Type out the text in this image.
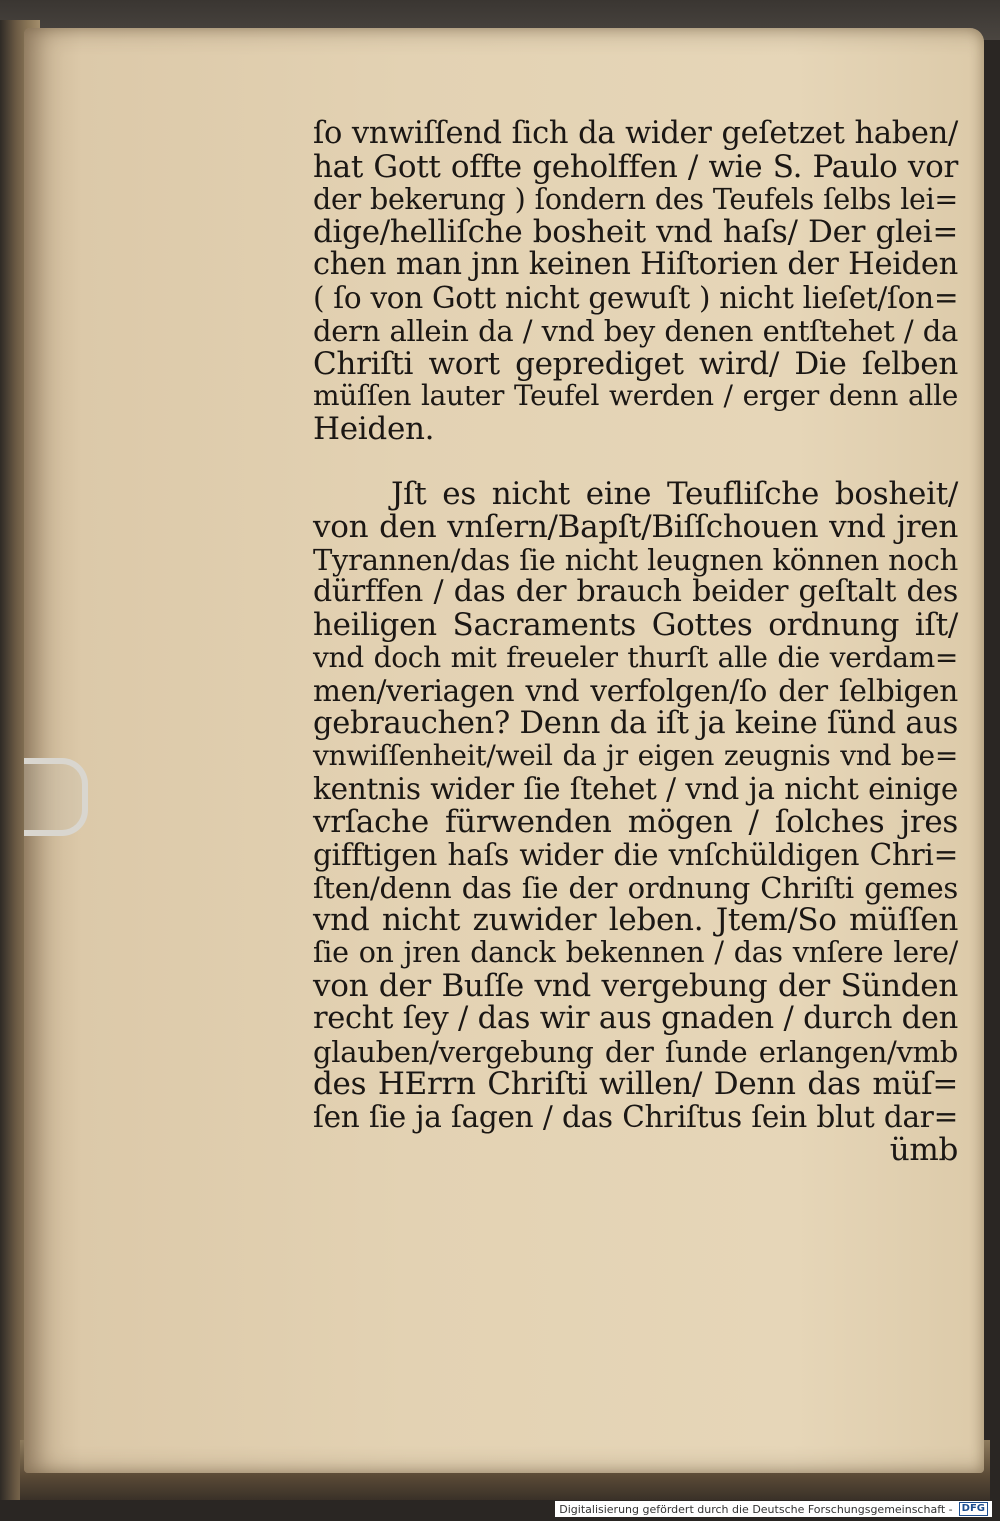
ſo vnwiſſend ſich da wider geſetzet haben/
hat Gott offte geholffen / wie S. Paulo vor
der bekerung ) ſondern des Teufels ſelbs lei=
dige/helliſche bosheit vnd haſs/ Der glei=
chen man jnn keinen Hiſtorien der Heiden
( ſo von Gott nicht gewuſt ) nicht lieſet/ſon=
dern allein da / vnd bey denen entſtehet / da
Chriſti wort geprediget wird/ Die ſelben
müſſen lauter Teufel werden / erger denn alle
Heiden.
Jſt es nicht eine Teufliſche bosheit/
von den vnſern/Bapſt/Biſſchouen vnd jren
Tyrannen/das ſie nicht leugnen können noch
dürffen / das der brauch beider geſtalt des
heiligen Sacraments Gottes ordnung iſt/
vnd doch mit freueler thurſt alle die verdam=
men/veriagen vnd verfolgen/ſo der ſelbigen
gebrauchen? Denn da iſt ja keine ſünd aus
vnwiſſenheit/weil da jr eigen zeugnis vnd be=
kentnis wider ſie ſtehet / vnd ja nicht einige
vrſache fürwenden mögen / ſolches jres
gifftigen haſs wider die vnſchüldigen Chri=
ſten/denn das ſie der ordnung Chriſti gemes
vnd nicht zuwider leben. Jtem/So müſſen
ſie on jren danck bekennen / das vnſere lere/
von der Buſſe vnd vergebung der Sünden
recht ſey / das wir aus gnaden / durch den
glauben/vergebung der ſunde erlangen/vmb
des HErrn Chriſti willen/ Denn das müſ=
ſen ſie ja ſagen / das Chriſtus ſein blut dar=
ümb
Digitalisierung gefördert durch die Deutsche Forschungsgemeinschaft - DFG
